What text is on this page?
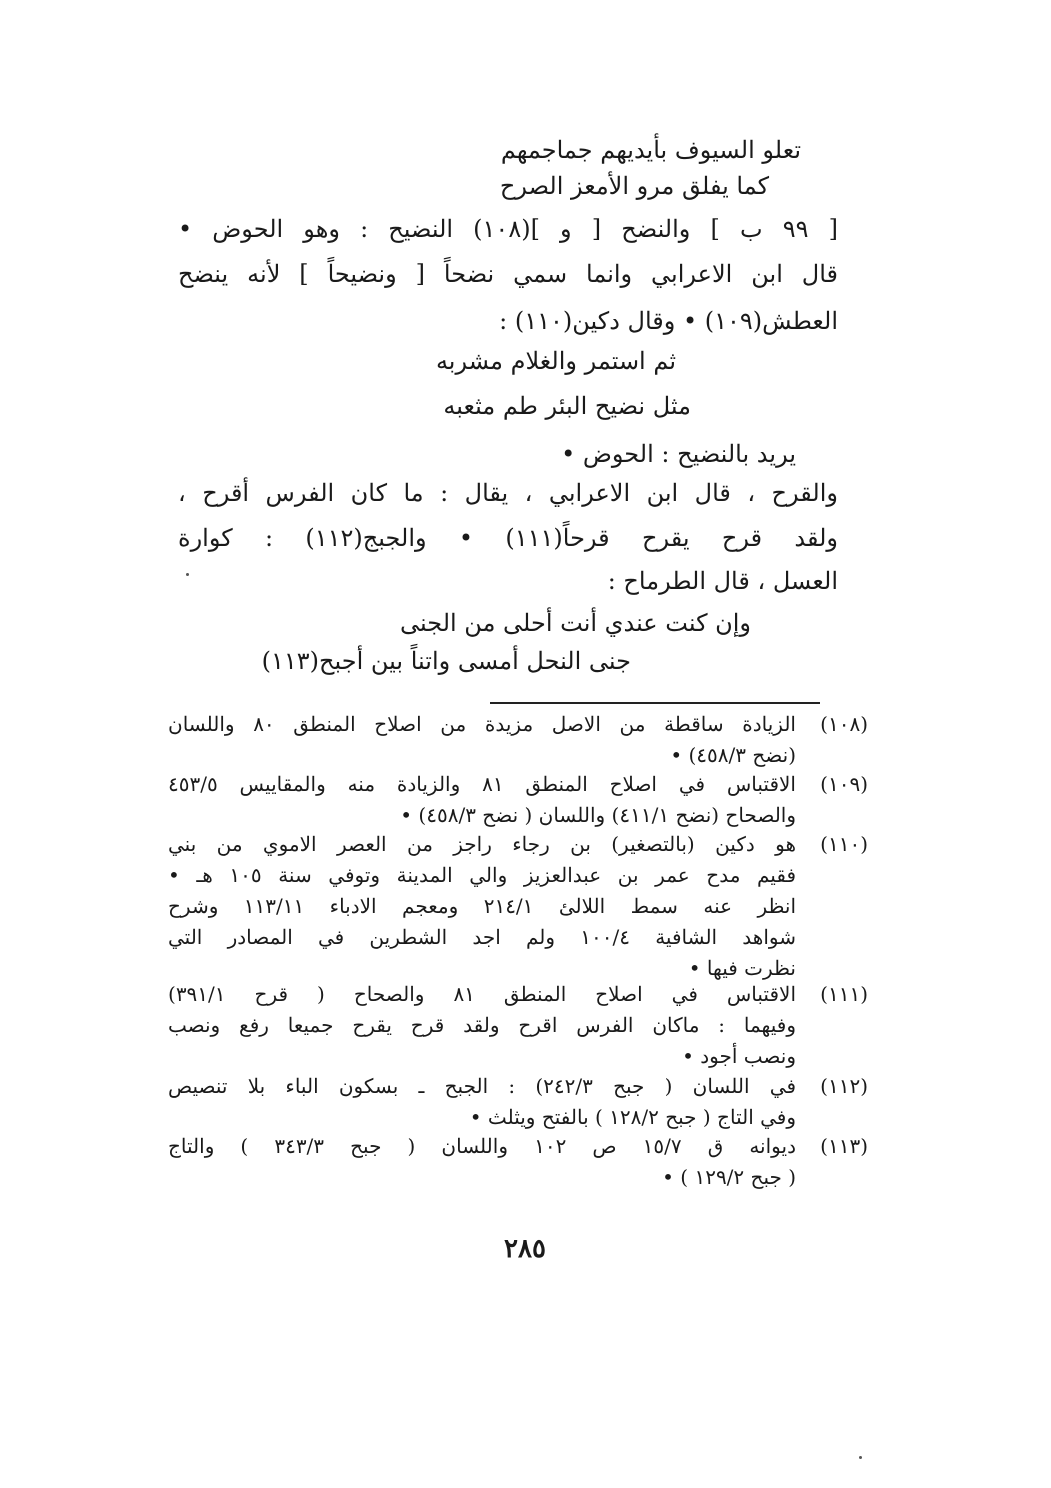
تعلو السيوف بأيديهم جماجمهم
كما يفلق مرو الأمعز الصرح
[ ٩٩ ب ] والنضح [ و ](١٠٨) النضيح : وهو الحوض •
قال ابن الاعرابي وانما سمي نضحاً [ ونضيحاً ] لأنه ينضح
العطش(١٠٩) • وقال دكين(١١٠) :
ثم استمر والغلام مشربه
مثل نضيح البئر طم مثعبه
يريد بالنضيح : الحوض •
والقرح ، قال ابن الاعرابي ، يقال : ما كان الفرس أقرح ،
ولقد قرح يقرح قرحاً(١١١) • والجبج(١١٢) : كوارة
العسل ، قال الطرماح :
وإن كنت عندي أنت أحلى من الجنى
جنى النحل أمسى واتناً بين أجبح(١١٣)
(١٠٨)
الزيادة ساقطة من الاصل مزيدة من اصلاح المنطق ٨٠ واللسان
(نضح ٤٥٨/٣) •
(١٠٩)
الاقتباس في اصلاح المنطق ٨١ والزيادة منه والمقاييس ٤٥٣/٥
والصحاح (نضح ٤١١/١) واللسان ( نضح ٤٥٨/٣) •
(١١٠)
هو دكين (بالتصغير) بن رجاء راجز من العصر الاموي من بني
فقيم مدح عمر بن عبدالعزيز والي المدينة وتوفي سنة ١٠٥ هـ •
انظر عنه سمط اللالئ ٢١٤/١ ومعجم الادباء ١١٣/١١ وشرح
شواهد الشافية ١٠٠/٤ ولم اجد الشطرين في المصادر التي
نظرت فيها •
(١١١)
الاقتباس في اصلاح المنطق ٨١ والصحاح ( قرح ٣٩١/١)
وفيهما : ماكان الفرس اقرح ولقد قرح يقرح جميعا رفع ونصب
ونصب أجود •
(١١٢)
في اللسان ( جبح ٢٤٢/٣) : الجبح ـ بسكون الباء بلا تنصيص
وفي التاج ( جبح ١٢٨/٢ ) بالفتح ويثلث •
(١١٣)
ديوانه ق ١٥/٧ ص ١٠٢ واللسان ( جبح ٣٤٣/٣ ) والتاج
( جبح ١٢٩/٢ ) •
٢٨٥
